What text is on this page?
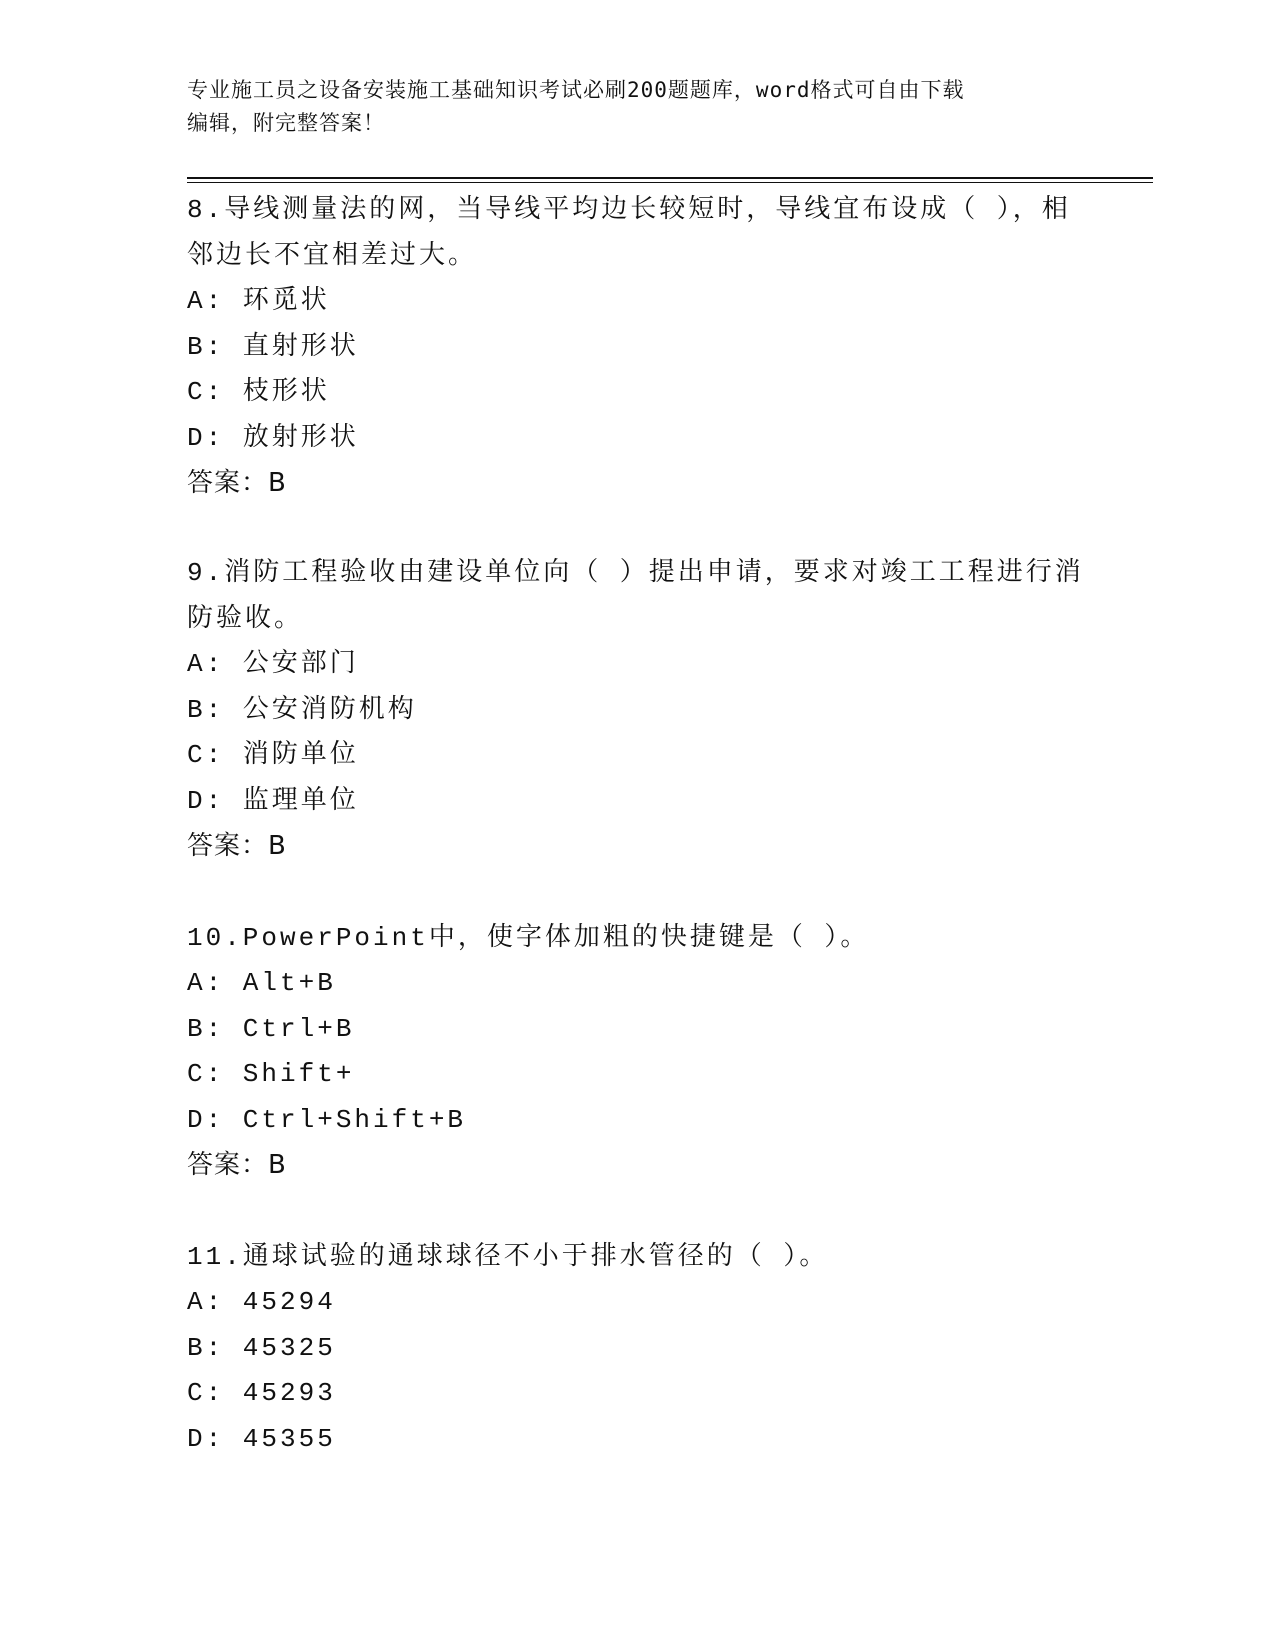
专业施工员之设备安装施工基础知识考试必刷200题题库，word格式可自由下载
编辑，附完整答案！

8.导线测量法的网，当导线平均边长较短时，导线宜布设成（ ），相

邻边长不宜相差过大。

A: 环觅状

B: 直射形状

C: 枝形状

D: 放射形状

答案：B

9.消防工程验收由建设单位向（ ）提出申请，要求对竣工工程进行消

防验收。

A: 公安部门

B: 公安消防机构

C: 消防单位

D: 监理单位

答案：B

10.PowerPoint中，使字体加粗的快捷键是（ ）。

A: Alt+B

B: Ctrl+B

C: Shift+

D: Ctrl+Shift+B

答案：B

11.通球试验的通球球径不小于排水管径的（ ）。

A: 45294

B: 45325

C: 45293

D: 45355
